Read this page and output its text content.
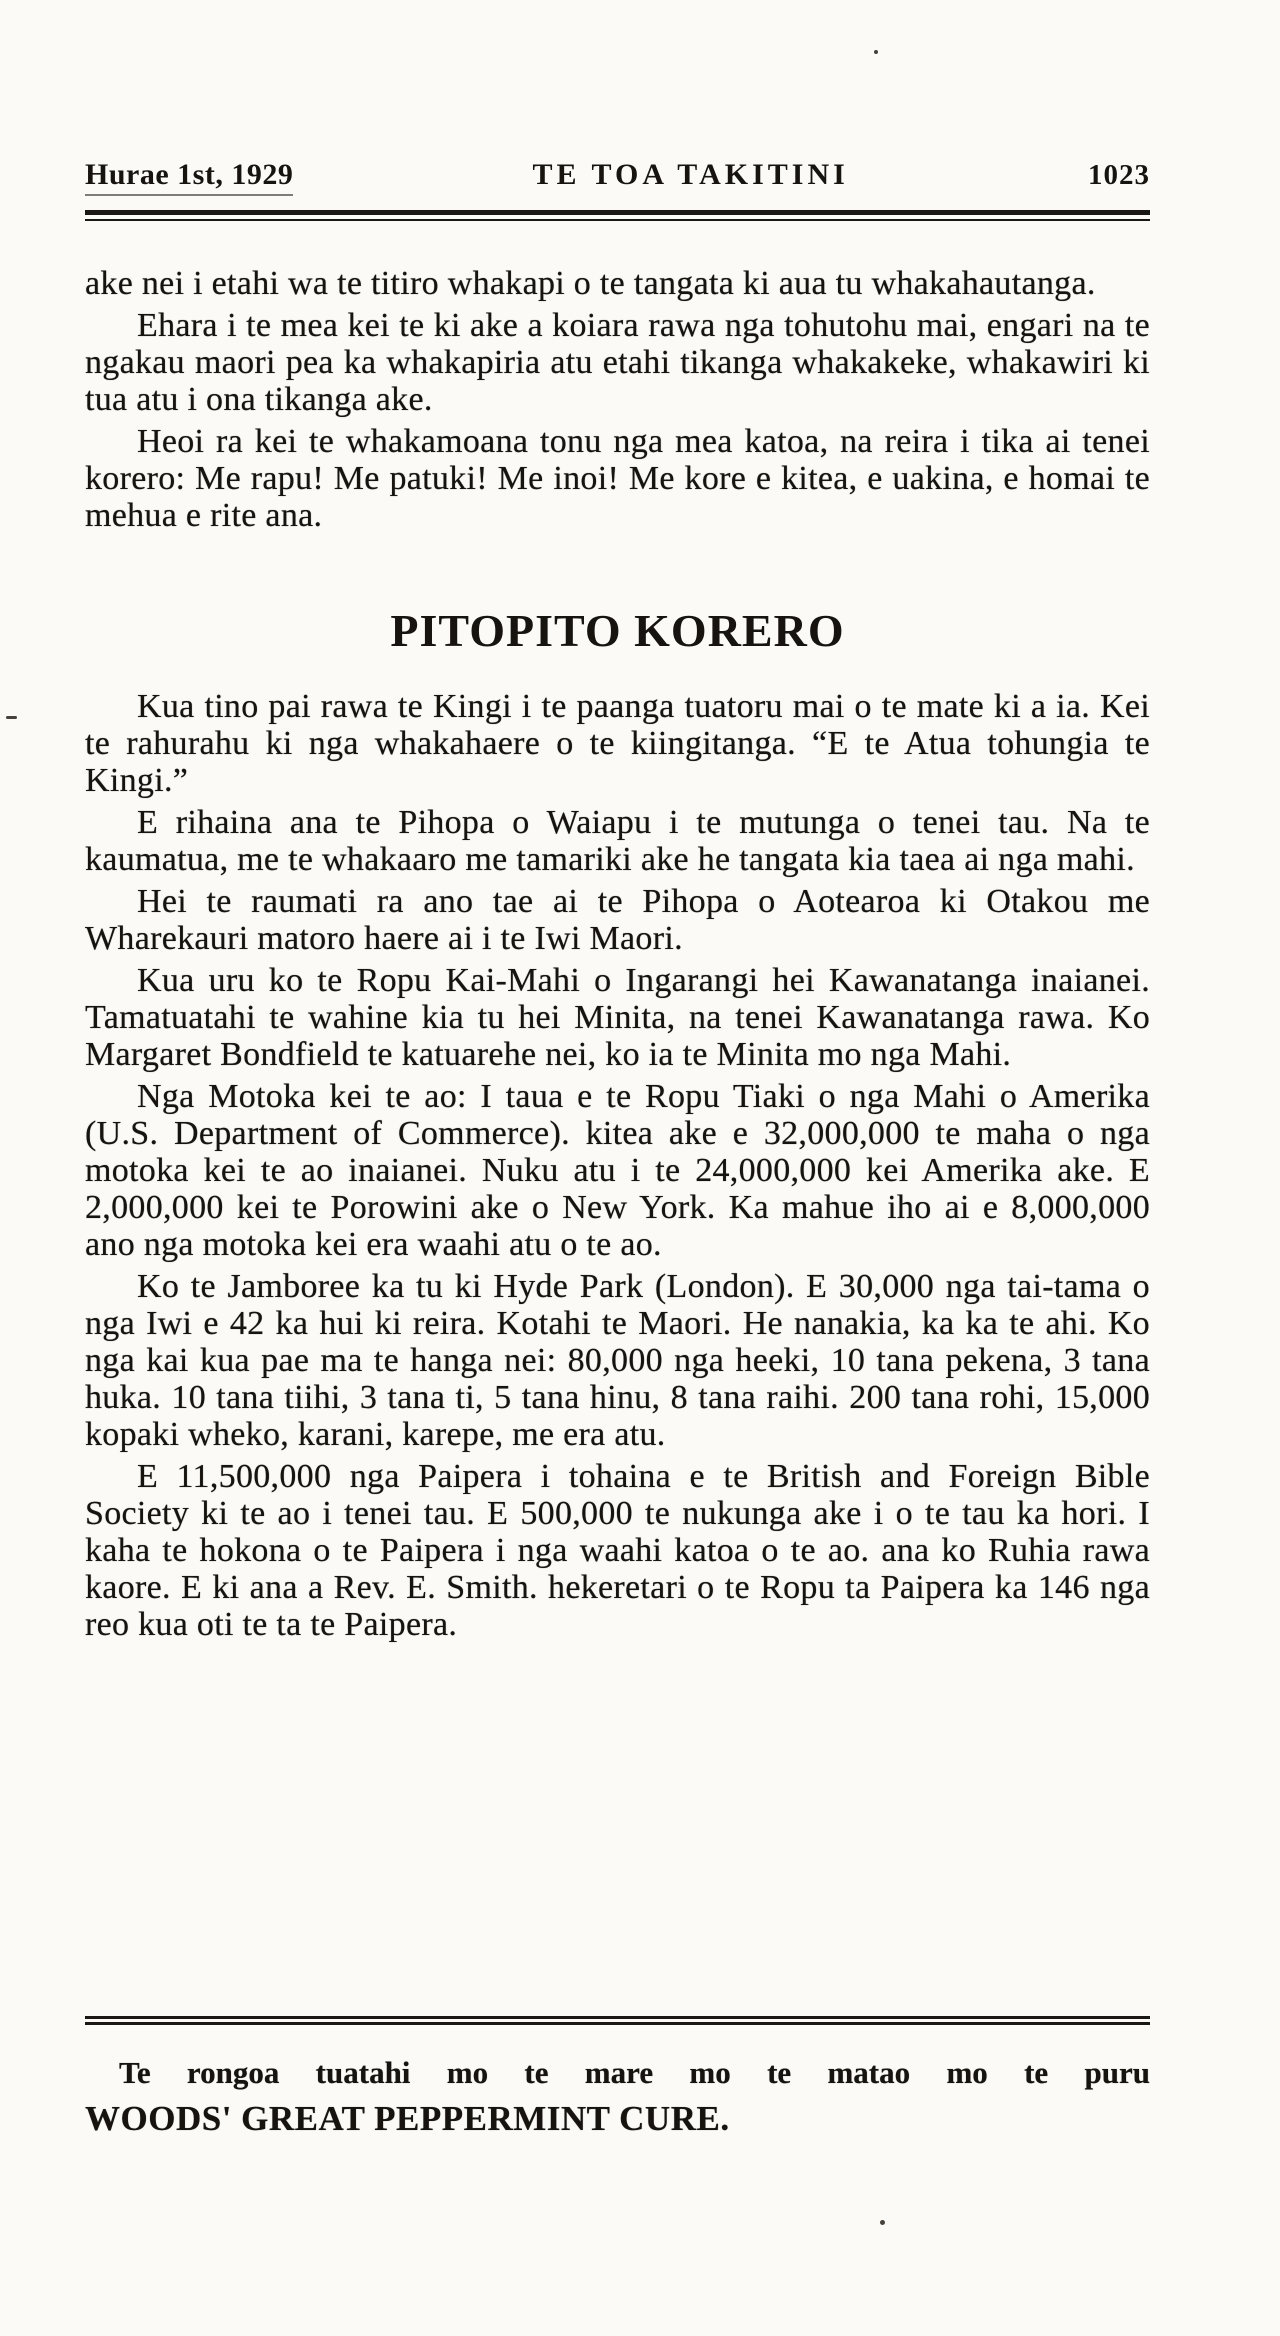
Hurae 1st, 1929	TE TOA TAKITINI	1023

ake nei i etahi wa te titiro whakapi o te tangata ki aua tu whakahautanga.

Ehara i te mea kei te ki ake a koiara rawa nga tohutohu mai, engari na te ngakau maori pea ka whakapiria atu etahi tikanga whakakeke, whakawiri ki tua atu i ona tikanga ake.

Heoi ra kei te whakamoana tonu nga mea katoa, na reira i tika ai tenei korero: Me rapu! Me patuki! Me inoi! Me kore e kitea, e uakina, e homai te mehua e rite ana.

PITOPITO KORERO

Kua tino pai rawa te Kingi i te paanga tuatoru mai o te mate ki a ia. Kei te rahurahu ki nga whakahaere o te kiingitanga. “E te Atua tohungia te Kingi.”

E rihaina ana te Pihopa o Waiapu i te mutunga o tenei tau. Na te kaumatua, me te whakaaro me tamariki ake he tangata kia taea ai nga mahi.

Hei te raumati ra ano tae ai te Pihopa o Aotearoa ki Otakou me Wharekauri matoro haere ai i te Iwi Maori.

Kua uru ko te Ropu Kai-Mahi o Ingarangi hei Kawanatanga inaianei. Tamatuatahi te wahine kia tu hei Minita, na tenei Kawanatanga rawa. Ko Margaret Bondfield te katuarehe nei, ko ia te Minita mo nga Mahi.

Nga Motoka kei te ao: I taua e te Ropu Tiaki o nga Mahi o Amerika (U.S. Department of Commerce). kitea ake e 32,000,000 te maha o nga motoka kei te ao inaianei. Nuku atu i te 24,000,000 kei Amerika ake. E 2,000,000 kei te Porowini ake o New York. Ka mahue iho ai e 8,000,000 ano nga motoka kei era waahi atu o te ao.

Ko te Jamboree ka tu ki Hyde Park (London). E 30,000 nga tai-tama o nga Iwi e 42 ka hui ki reira. Kotahi te Maori. He nanakia, ka ka te ahi. Ko nga kai kua pae ma te hanga nei: 80,000 nga heeki, 10 tana pekena, 3 tana huka. 10 tana tiihi, 3 tana ti, 5 tana hinu, 8 tana raihi. 200 tana rohi, 15,000 kopaki wheko, karani, karepe, me era atu.

E 11,500,000 nga Paipera i tohaina e te British and Foreign Bible Society ki te ao i tenei tau. E 500,000 te nukunga ake i o te tau ka hori. I kaha te hokona o te Paipera i nga waahi katoa o te ao. ana ko Ruhia rawa kaore. E ki ana a Rev. E. Smith. hekeretari o te Ropu ta Paipera ka 146 nga reo kua oti te ta te Paipera.

Te rongoa tuatahi mo te mare mo te matao mo te puru

WOODS' GREAT PEPPERMINT CURE.
